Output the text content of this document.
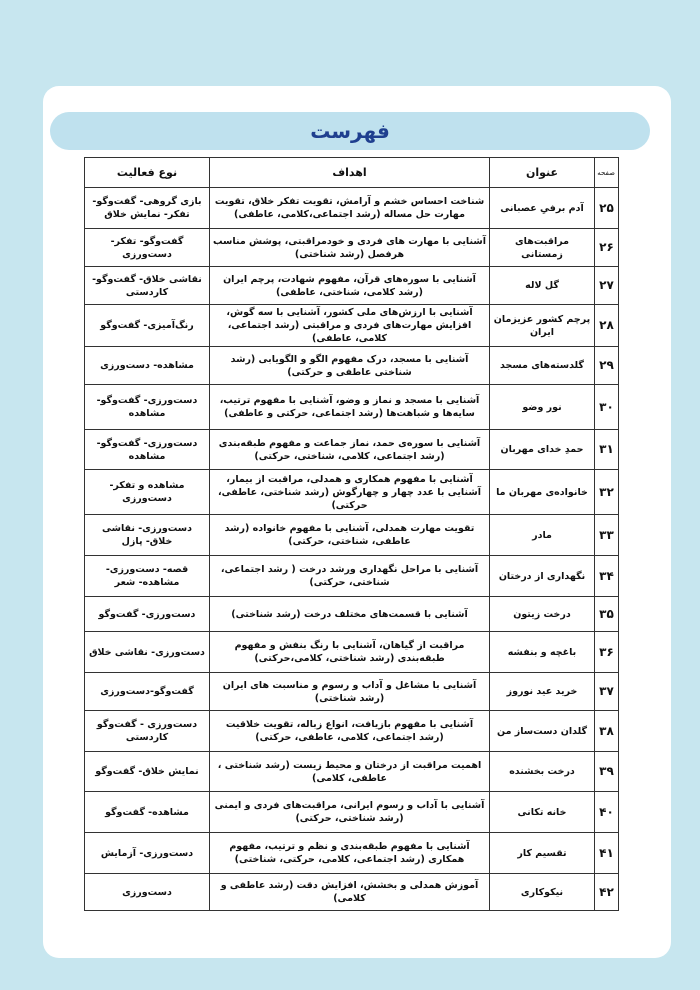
فهرست
صفحه	عنوان	اهداف	نوع فعالیت
۲۵	آدم برفیِ عصبانی	شناخت احساس خشم و آرامش، تقویت تفکر خلاق، تقویت مهارت حل مساله (رشد اجتماعی،کلامی، عاطفی)	بازی گروهی- گفت‌وگو- تفکر- نمایش خلاق
۲۶	مراقبت‌های زمستانی	آشنایی با مهارت های فردی و خودمراقبتی، پوشش مناسب هرفصل (رشد شناختی)	گفت‌وگو- تفکر- دست‌ورزی
۲۷	گل لاله	آشنایی با سوره‌های قرآن، مفهوم شهادت، پرچم ایران (رشد کلامی، شناختی، عاطفی)	نقاشی خلاق- گفت‌وگو- کاردستی
۲۸	پرچم کشور عزیزمان ایران	آشنایی با ارزش‌های ملی کشور، آشنایی با سه گوش، افزایش مهارت‌های فردی و مراقبتی (رشد اجتماعی، کلامی، عاطفی)	رنگ‌آمیزی- گفت‌وگو
۲۹	گلدسته‌های مسجد	آشنایی با مسجد، درک مفهوم الگو و الگویابی (رشد شناختی عاطفی و حرکتی)	مشاهده- دست‌ورزی
۳۰	نور وضو	آشنایی با مسجد و نماز و وضو، آشنایی با مفهوم ترتیب، سایه‌ها و شباهت‌ها (رشد اجتماعی، حرکتی و عاطفی)	دست‌ورزی- گفت‌وگو- مشاهده
۳۱	حمدِ خدای مهربان	آشنایی با سوره‌ی حمد، نماز جماعت و مفهوم طبقه‌بندی (رشد اجتماعی، کلامی، شناختی، حرکتی)	دست‌ورزی- گفت‌وگو- مشاهده
۳۲	خانواده‌ی مهربان ما	آشنایی با مفهوم همکاری و همدلی، مراقبت از بیمار، آشنایی با عدد چهار و چهارگوش (رشد شناختی، عاطفی، حرکتی)	مشاهده و تفکر- دست‌ورزی
۳۳	مادر	تقویت مهارت همدلی، آشنایی با مفهوم خانواده (رشد عاطفی، شناختی، حرکتی)	دست‌ورزی- نقاشی خلاق- پازل
۳۴	نگهداری از درختان	آشنایی با مراحل نگهداری ورشد درخت ( رشد اجتماعی، شناختی، حرکتی)	قصه- دست‌ورزی- مشاهده- شعر
۳۵	درخت زیتون	آشنایی با قسمت‌های مختلف درخت (رشد شناختی)	دست‌ورزی- گفت‌وگو
۳۶	باغچه و بنفشه	مراقبت از گیاهان، آشنایی با رنگ بنفش و مفهوم طبقه‌بندی (رشد شناختی، کلامی،حرکتی)	دست‌ورزی- نقاشی خلاق
۳۷	خرید عید نوروز	آشنایی با مشاغل و آداب و رسوم و مناسبت های ایران (رشد شناختی)	گفت‌وگو-دست‌ورزی
۳۸	گلدان دست‌ساز من	آشنایی با مفهوم بازیافت، انواع زباله، تقویت خلاقیت (رشد اجتماعی، کلامی، عاطفی، حرکتی)	دست‌ورزی - گفت‌وگو کاردستی
۳۹	درخت بخشنده	اهمیت مراقبت از درختان و محیط زیست (رشد شناختی ، عاطفی، کلامی)	نمایش خلاق- گفت‌وگو
۴۰	خانه تکانی	آشنایی با آداب و رسوم ایرانی، مراقبت‌های فردی و ایمنی (رشد شناختی، حرکتی)	مشاهده- گفت‌وگو
۴۱	تقسیم کار	آشنایی با مفهوم طبقه‌بندی و نظم و ترتیب، مفهوم همکاری (رشد اجتماعی، کلامی، حرکتی، شناختی)	دست‌ورزی- آزمایش
۴۲	نیکوکاری	آموزش همدلی و بخشش، افزایش دقت (رشد عاطفی و کلامی)	دست‌ورزی
